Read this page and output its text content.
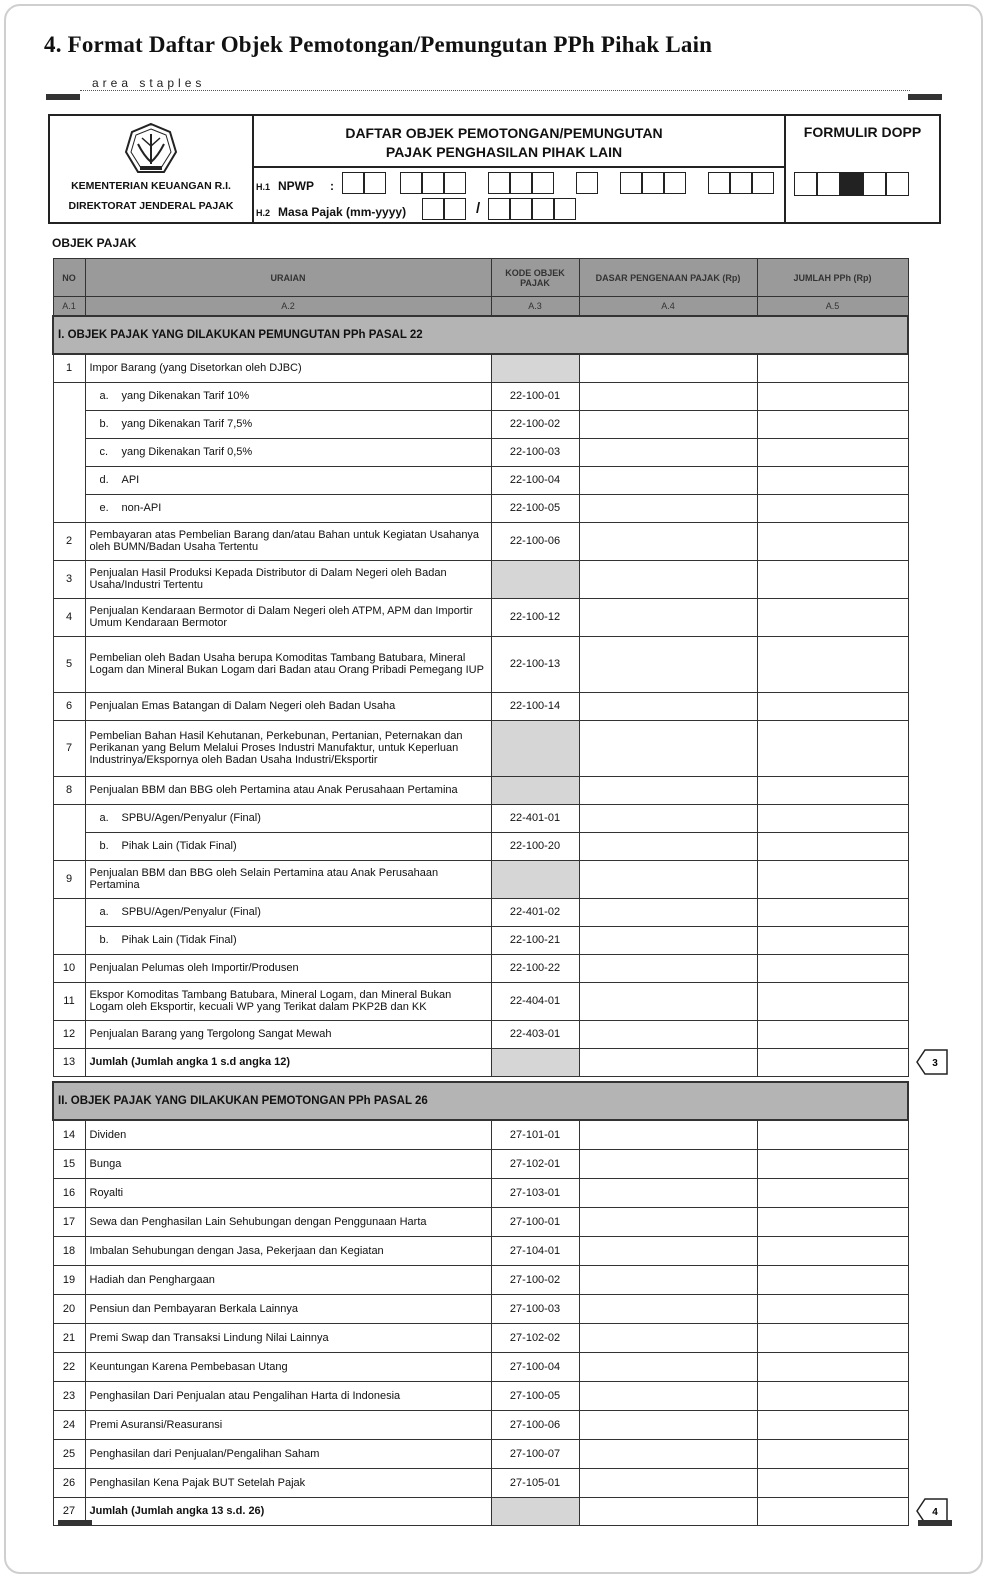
4. Format Daftar Objek Pemotongan/Pemungutan PPh Pihak Lain
area staples
KEMENTERIAN KEUANGAN R.I.
DIREKTORAT JENDERAL PAJAK
DAFTAR OBJEK PEMOTONGAN/PEMUNGUTAN
PAJAK PENGHASILAN PIHAK LAIN
H.1 NPWP :
H.2 Masa Pajak (mm-yyyy)	/
FORMULIR DOPP
OBJEK PAJAK
NO	URAIAN	KODE OBJEK PAJAK	DASAR PENGENAAN PAJAK (Rp)	JUMLAH PPh (Rp)
A.1	A.2	A.3	A.4	A.5
I. OBJEK PAJAK YANG DILAKUKAN PEMUNGUTAN PPh PASAL 22				
1	Impor Barang (yang Disetorkan oleh DJBC)			
	a. yang Dikenakan Tarif 10%	22-100-01		
	b. yang Dikenakan Tarif 7,5%	22-100-02		
	c. yang Dikenakan Tarif 0,5%	22-100-03		
	d. API	22-100-04		
	e. non-API	22-100-05		
2	Pembayaran atas Pembelian Barang dan/atau Bahan untuk Kegiatan Usahanya oleh BUMN/Badan Usaha Tertentu	22-100-06		
3	Penjualan Hasil Produksi Kepada Distributor di Dalam Negeri oleh Badan Usaha/Industri Tertentu			
4	Penjualan Kendaraan Bermotor di Dalam Negeri oleh ATPM, APM dan Importir Umum Kendaraan Bermotor	22-100-12		
5	Pembelian oleh Badan Usaha berupa Komoditas Tambang Batubara, Mineral Logam dan Mineral Bukan Logam dari Badan atau Orang Pribadi Pemegang IUP	22-100-13		
6	Penjualan Emas Batangan di Dalam Negeri oleh Badan Usaha	22-100-14		
7	Pembelian Bahan Hasil Kehutanan, Perkebunan, Pertanian, Peternakan dan Perikanan yang Belum Melalui Proses Industri Manufaktur, untuk Keperluan Industrinya/Ekspornya oleh Badan Usaha Industri/Eksportir			
8	Penjualan BBM dan BBG oleh Pertamina atau Anak Perusahaan Pertamina			
	a. SPBU/Agen/Penyalur (Final)	22-401-01		
	b. Pihak Lain (Tidak Final)	22-100-20		
9	Penjualan BBM dan BBG oleh Selain Pertamina atau Anak Perusahaan Pertamina			
	a. SPBU/Agen/Penyalur (Final)	22-401-02		
	b. Pihak Lain (Tidak Final)	22-100-21		
10	Penjualan Pelumas oleh Importir/Produsen	22-100-22		
11	Ekspor Komoditas Tambang Batubara, Mineral Logam, dan Mineral Bukan Logam oleh Eksportir, kecuali WP yang Terikat dalam PKP2B dan KK	22-404-01		
12	Penjualan Barang yang Tergolong Sangat Mewah	22-403-01		
13	Jumlah (Jumlah angka 1 s.d angka 12)			

II. OBJEK PAJAK YANG DILAKUKAN PEMOTONGAN PPh PASAL 26				
14	Dividen	27-101-01		
15	Bunga	27-102-01		
16	Royalti	27-103-01		
17	Sewa dan Penghasilan Lain Sehubungan dengan Penggunaan Harta	27-100-01		
18	Imbalan Sehubungan dengan Jasa, Pekerjaan dan Kegiatan	27-104-01		
19	Hadiah dan Penghargaan	27-100-02		
20	Pensiun dan Pembayaran Berkala Lainnya	27-100-03		
21	Premi Swap dan Transaksi Lindung Nilai Lainnya	27-102-02		
22	Keuntungan Karena Pembebasan Utang	27-100-04		
23	Penghasilan Dari Penjualan atau Pengalihan Harta di Indonesia	27-100-05		
24	Premi Asuransi/Reasuransi	27-100-06		
25	Penghasilan dari Penjualan/Pengalihan Saham	27-100-07		
26	Penghasilan Kena Pajak BUT Setelah Pajak	27-105-01		
27	Jumlah (Jumlah angka 13 s.d. 26)			
3
4
